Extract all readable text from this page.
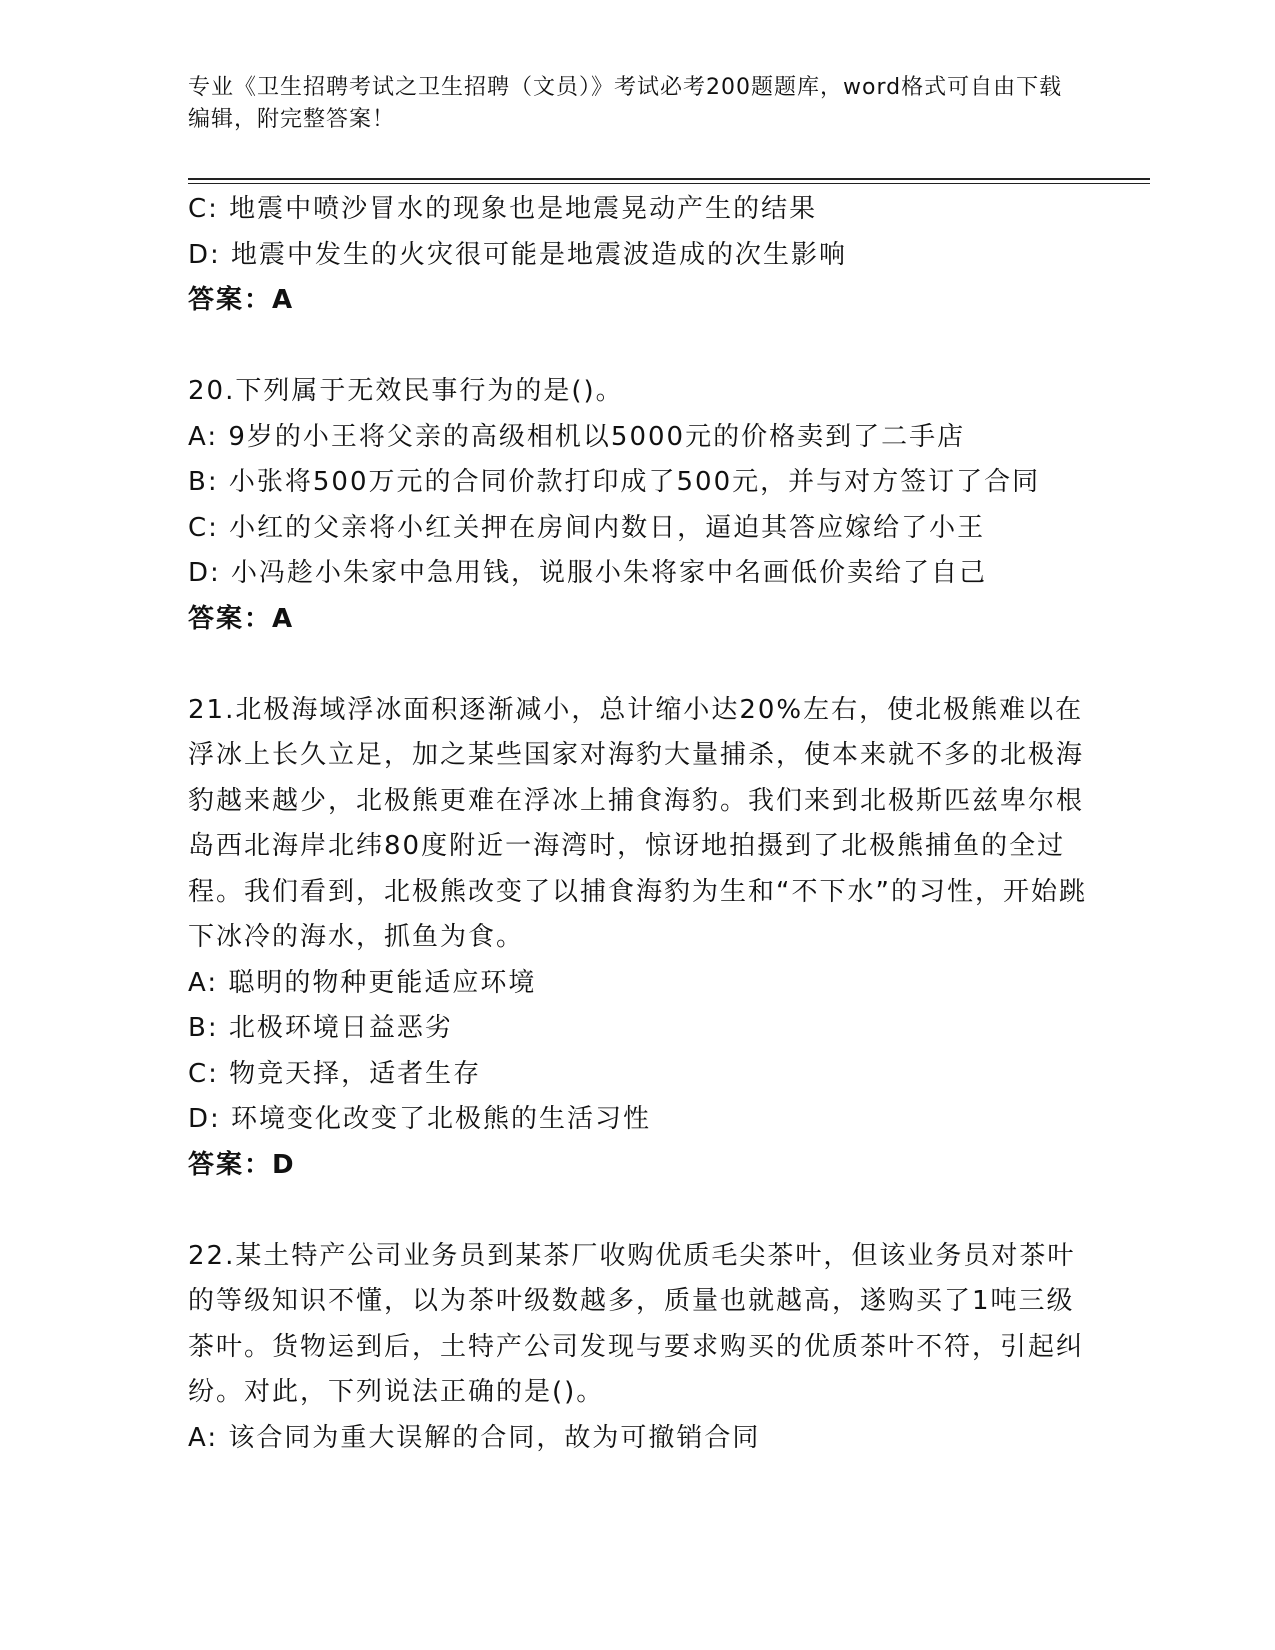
专业《卫生招聘考试之卫生招聘（文员）》考试必考200题题库，word格式可自由下载编辑，附完整答案！
C: 地震中喷沙冒水的现象也是地震晃动产生的结果
D: 地震中发生的火灾很可能是地震波造成的次生影响
答案：A
20.下列属于无效民事行为的是()。
A: 9岁的小王将父亲的高级相机以5000元的价格卖到了二手店
B: 小张将500万元的合同价款打印成了500元，并与对方签订了合同
C: 小红的父亲将小红关押在房间内数日，逼迫其答应嫁给了小王
D: 小冯趁小朱家中急用钱，说服小朱将家中名画低价卖给了自己
答案：A
21.北极海域浮冰面积逐渐减小，总计缩小达20%左右，使北极熊难以在浮冰上长久立足，加之某些国家对海豹大量捕杀，使本来就不多的北极海豹越来越少，北极熊更难在浮冰上捕食海豹。我们来到北极斯匹兹卑尔根岛西北海岸北纬80度附近一海湾时，惊讶地拍摄到了北极熊捕鱼的全过程。我们看到，北极熊改变了以捕食海豹为生和“不下水”的习性，开始跳下冰冷的海水，抓鱼为食。
A: 聪明的物种更能适应环境
B: 北极环境日益恶劣
C: 物竞天择，适者生存
D: 环境变化改变了北极熊的生活习性
答案：D
22.某土特产公司业务员到某茶厂收购优质毛尖茶叶，但该业务员对茶叶的等级知识不懂，以为茶叶级数越多，质量也就越高，遂购买了1吨三级茶叶。货物运到后，土特产公司发现与要求购买的优质茶叶不符，引起纠纷。对此，下列说法正确的是()。
A: 该合同为重大误解的合同，故为可撤销合同
